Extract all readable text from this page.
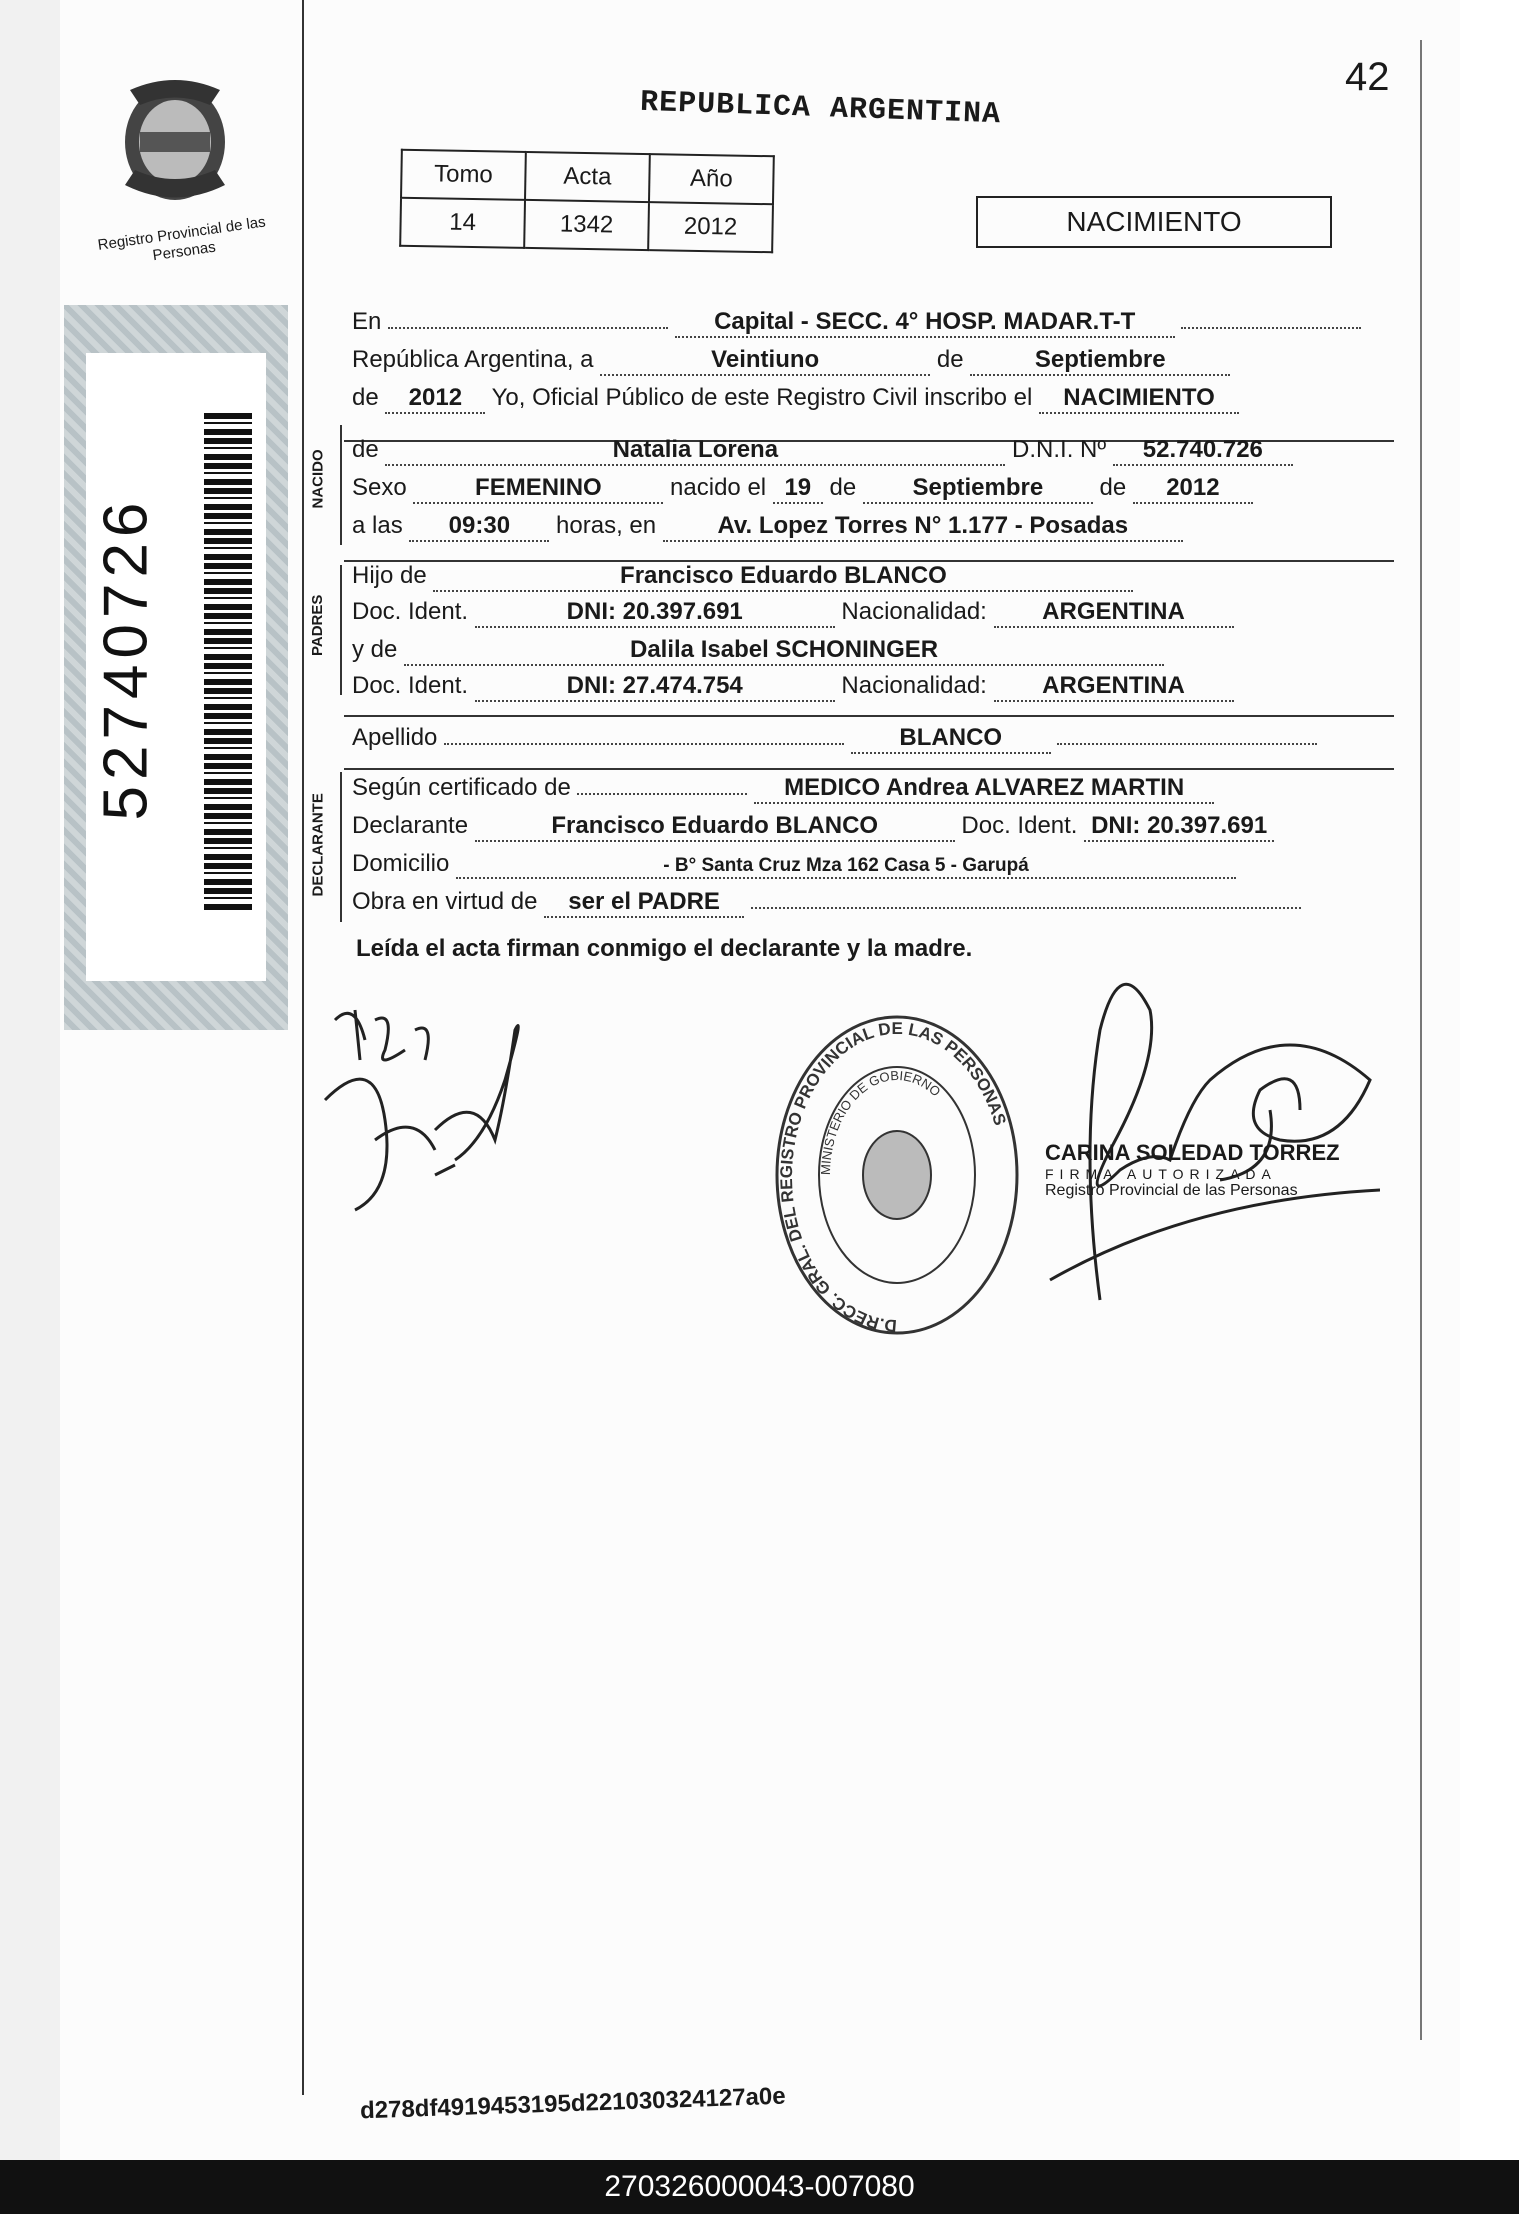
Registro Provincial de las Personas
52740726
42
REPUBLICA ARGENTINA
Tomo	Acta	Año
14	1342	2012	NACIMIENTO
En	Capital - SECC. 4° HOSP. MADAR.T-T
República Argentina, a	Veintiuno	de	Septiembre
de 2012 Yo, Oficial Público de este Registro Civil inscribo el NACIMIENTO
NACIDO de	Natalia Lorena	D.N.I. Nº 52.740.726
Sexo	FEMENINO	nacido el 19 de Septiembre de 2012
a las 09:30 horas, en	Av. Lopez Torres N° 1.177 - Posadas
PADRES
Hijo de	Francisco Eduardo BLANCO
Doc. Ident.	DNI: 20.397.691	Nacionalidad: ARGENTINA
y de	Dalila Isabel SCHONINGER
Doc. Ident.	DNI: 27.474.754	Nacionalidad: ARGENTINA
Apellido	BLANCO
DECLARANTE
Según certificado de	MEDICO Andrea ALVAREZ MARTIN
Declarante	Francisco Eduardo BLANCO	Doc. Ident. DNI: 20.397.691
Domicilio	- B° Santa Cruz Mza 162 Casa 5 - Garupá
Obra en virtud de ser el PADRE
Leída el acta firman conmigo el declarante y la madre.
D.RECC. GRAL. DEL REGISTRO PROVINCIAL DE LAS PERSONAS
MINISTERIO DE GOBIERNO
CARINA SOLEDAD TORREZ
FIRMA AUTORIZADA
Registro Provincial de las Personas
d278df4919453195d221030324127a0e
270326000043-007080
